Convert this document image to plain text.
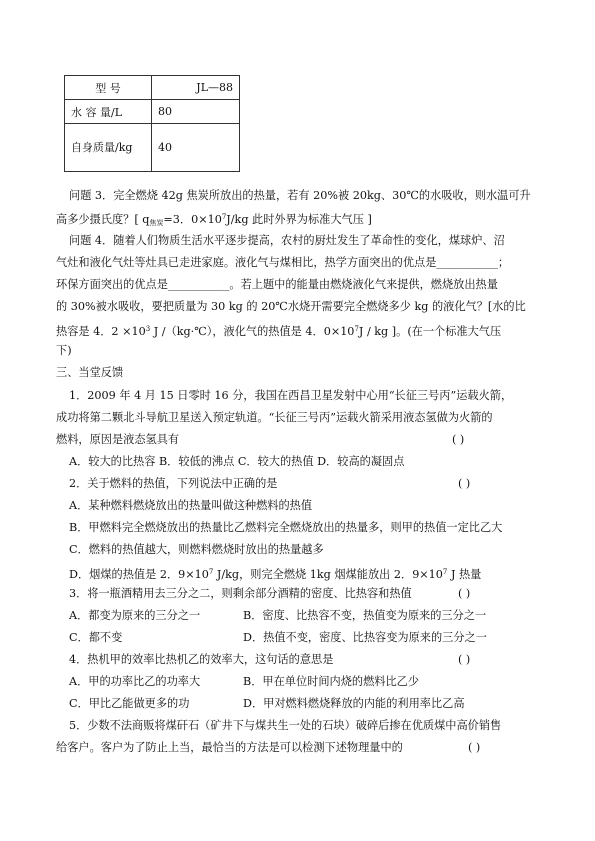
型 号	JL—88
水 容 量/L	80
自身质量/kg	40
问题 3．完全燃烧 42g 焦炭所放出的热量，若有 20%被 20kg、30℃的水吸收，则水温可升
高多少摄氏度？[ $q_{焦炭}=3$．$0\times 10^7J/kg$ 此时外界为标准大气压 ]
问题 4．随着人们物质生活水平逐步提高，农村的厨灶发生了革命性的变化，煤球炉、沼
气灶和液化气灶等灶具已走进家庭。液化气与煤相比，热学方面突出的优点是___________；
环保方面突出的优点是___________。若上题中的能量由燃烧液化气来提供，燃烧放出热量
的 30%被水吸收，要把质量为 30 kg 的 20℃水烧开需要完全燃烧多少 kg 的液化气？[水的比
热容是 4．$2 \times 10^3$ J /（kg·℃），液化气的热值是 4．$0\times 10^7J$ / kg ]。(在一个标准大气压
下)
三、当堂反馈
1．2009 年 4 月 15 日零时 16 分，我国在西昌卫星发射中心用“长征三号丙”运载火箭，
成功将第二颗北斗导航卫星送入预定轨道。“长征三号丙”运载火箭采用液态氢做为火箭的
燃料，原因是液态氢具有	( )
A．较大的比热容 B．较低的沸点 C．较大的热值 D．较高的凝固点
2．关于燃料的热值，下列说法中正确的是	( )
A．某种燃料燃烧放出的热量叫做这种燃料的热值
B．甲燃料完全燃烧放出的热量比乙燃料完全燃烧放出的热量多，则甲的热值一定比乙大
C．燃料的热值越大，则燃料燃烧时放出的热量越多
D．烟煤的热值是 2．$9\times 10^7$ J/kg，则完全燃烧 1kg 烟煤能放出 2．$9\times 10^7$ J 热量
3．将一瓶酒精用去三分之二，则剩余部分酒精的密度、比热容和热值	( )
A．都变为原来的三分之一	B．密度、比热容不变，热值变为原来的三分之一
C．都不变	D．热值不变，密度、比热容变为原来的三分之一
4．热机甲的效率比热机乙的效率大，这句话的意思是	( )
A．甲的功率比乙的功率大	B．甲在单位时间内烧的燃料比乙少
C．甲比乙能做更多的功	D．甲对燃料燃烧释放的内能的利用率比乙高
5．少数不法商贩将煤矸石（矿井下与煤共生一处的石块）破碎后掺在优质煤中高价销售
给客户。客户为了防止上当，最恰当的方法是可以检测下述物理量中的	( )
